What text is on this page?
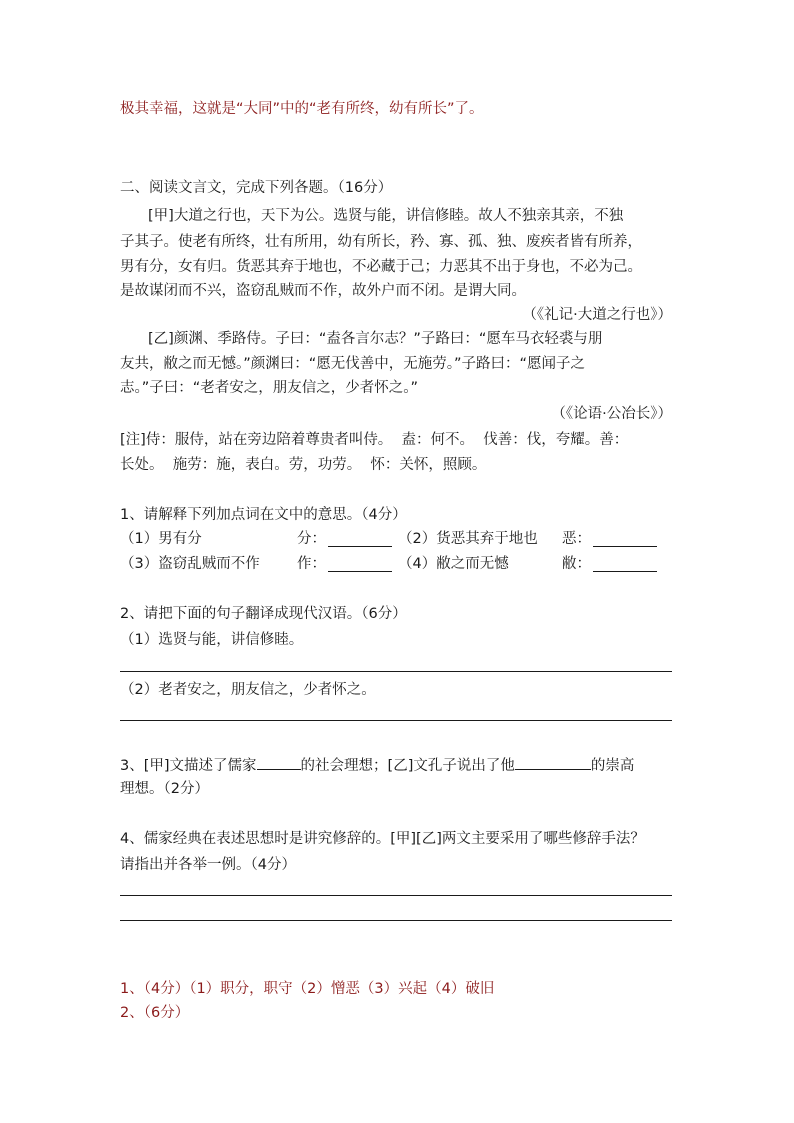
极其幸福，这就是“大同”中的“老有所终，幼有所长”了。
二、阅读文言文，完成下列各题。（16分）
[甲]大道之行也，天下为公。选贤与能，讲信修睦。故人不独亲其亲，不独
子其子。使老有所终，壮有所用，幼有所长，矜、寡、孤、独、废疾者皆有所养，
男有分，女有归。货恶其弃于地也，不必藏于己；力恶其不出于身也，不必为己。
是故谋闭而不兴，盗窃乱贼而不作，故外户而不闭。是谓大同。
（《礼记·大道之行也》）
[乙]颜渊、季路侍。子曰：“盍各言尔志？”子路曰：“愿车马衣轻裘与朋
友共，敝之而无憾。”颜渊曰：“愿无伐善中，无施劳。”子路曰：“愿闻子之
志。”子曰：“老者安之，朋友信之，少者怀之。”
（《论语·公冶长》）
[注]侍：服侍，站在旁边陪着尊贵者叫侍。  盍：何不。  伐善：伐，夸耀。善：
长处。  施劳：施，表白。劳，功劳。  怀：关怀，照顾。
1、请解释下列加点词在文中的意思。（4分）
（1）男有分	分：	（2）货恶其弃于地也 恶：
（3）盗窃乱贼而不作	作：	（4）敝之而无憾	敝：
2、请把下面的句子翻译成现代汉语。（6分）
（1）选贤与能，讲信修睦。
（2）老者安之，朋友信之，少者怀之。
3、[甲]文描述了儒家	的社会理想；[乙]文孔子说出了他	的崇高
理想。（2分）
4、儒家经典在表述思想时是讲究修辞的。[甲][乙]两文主要采用了哪些修辞手法？
请指出并各举一例。（4分）
1、（4分）（1）职分，职守（2）憎恶（3）兴起（4）破旧
2、（6分）
